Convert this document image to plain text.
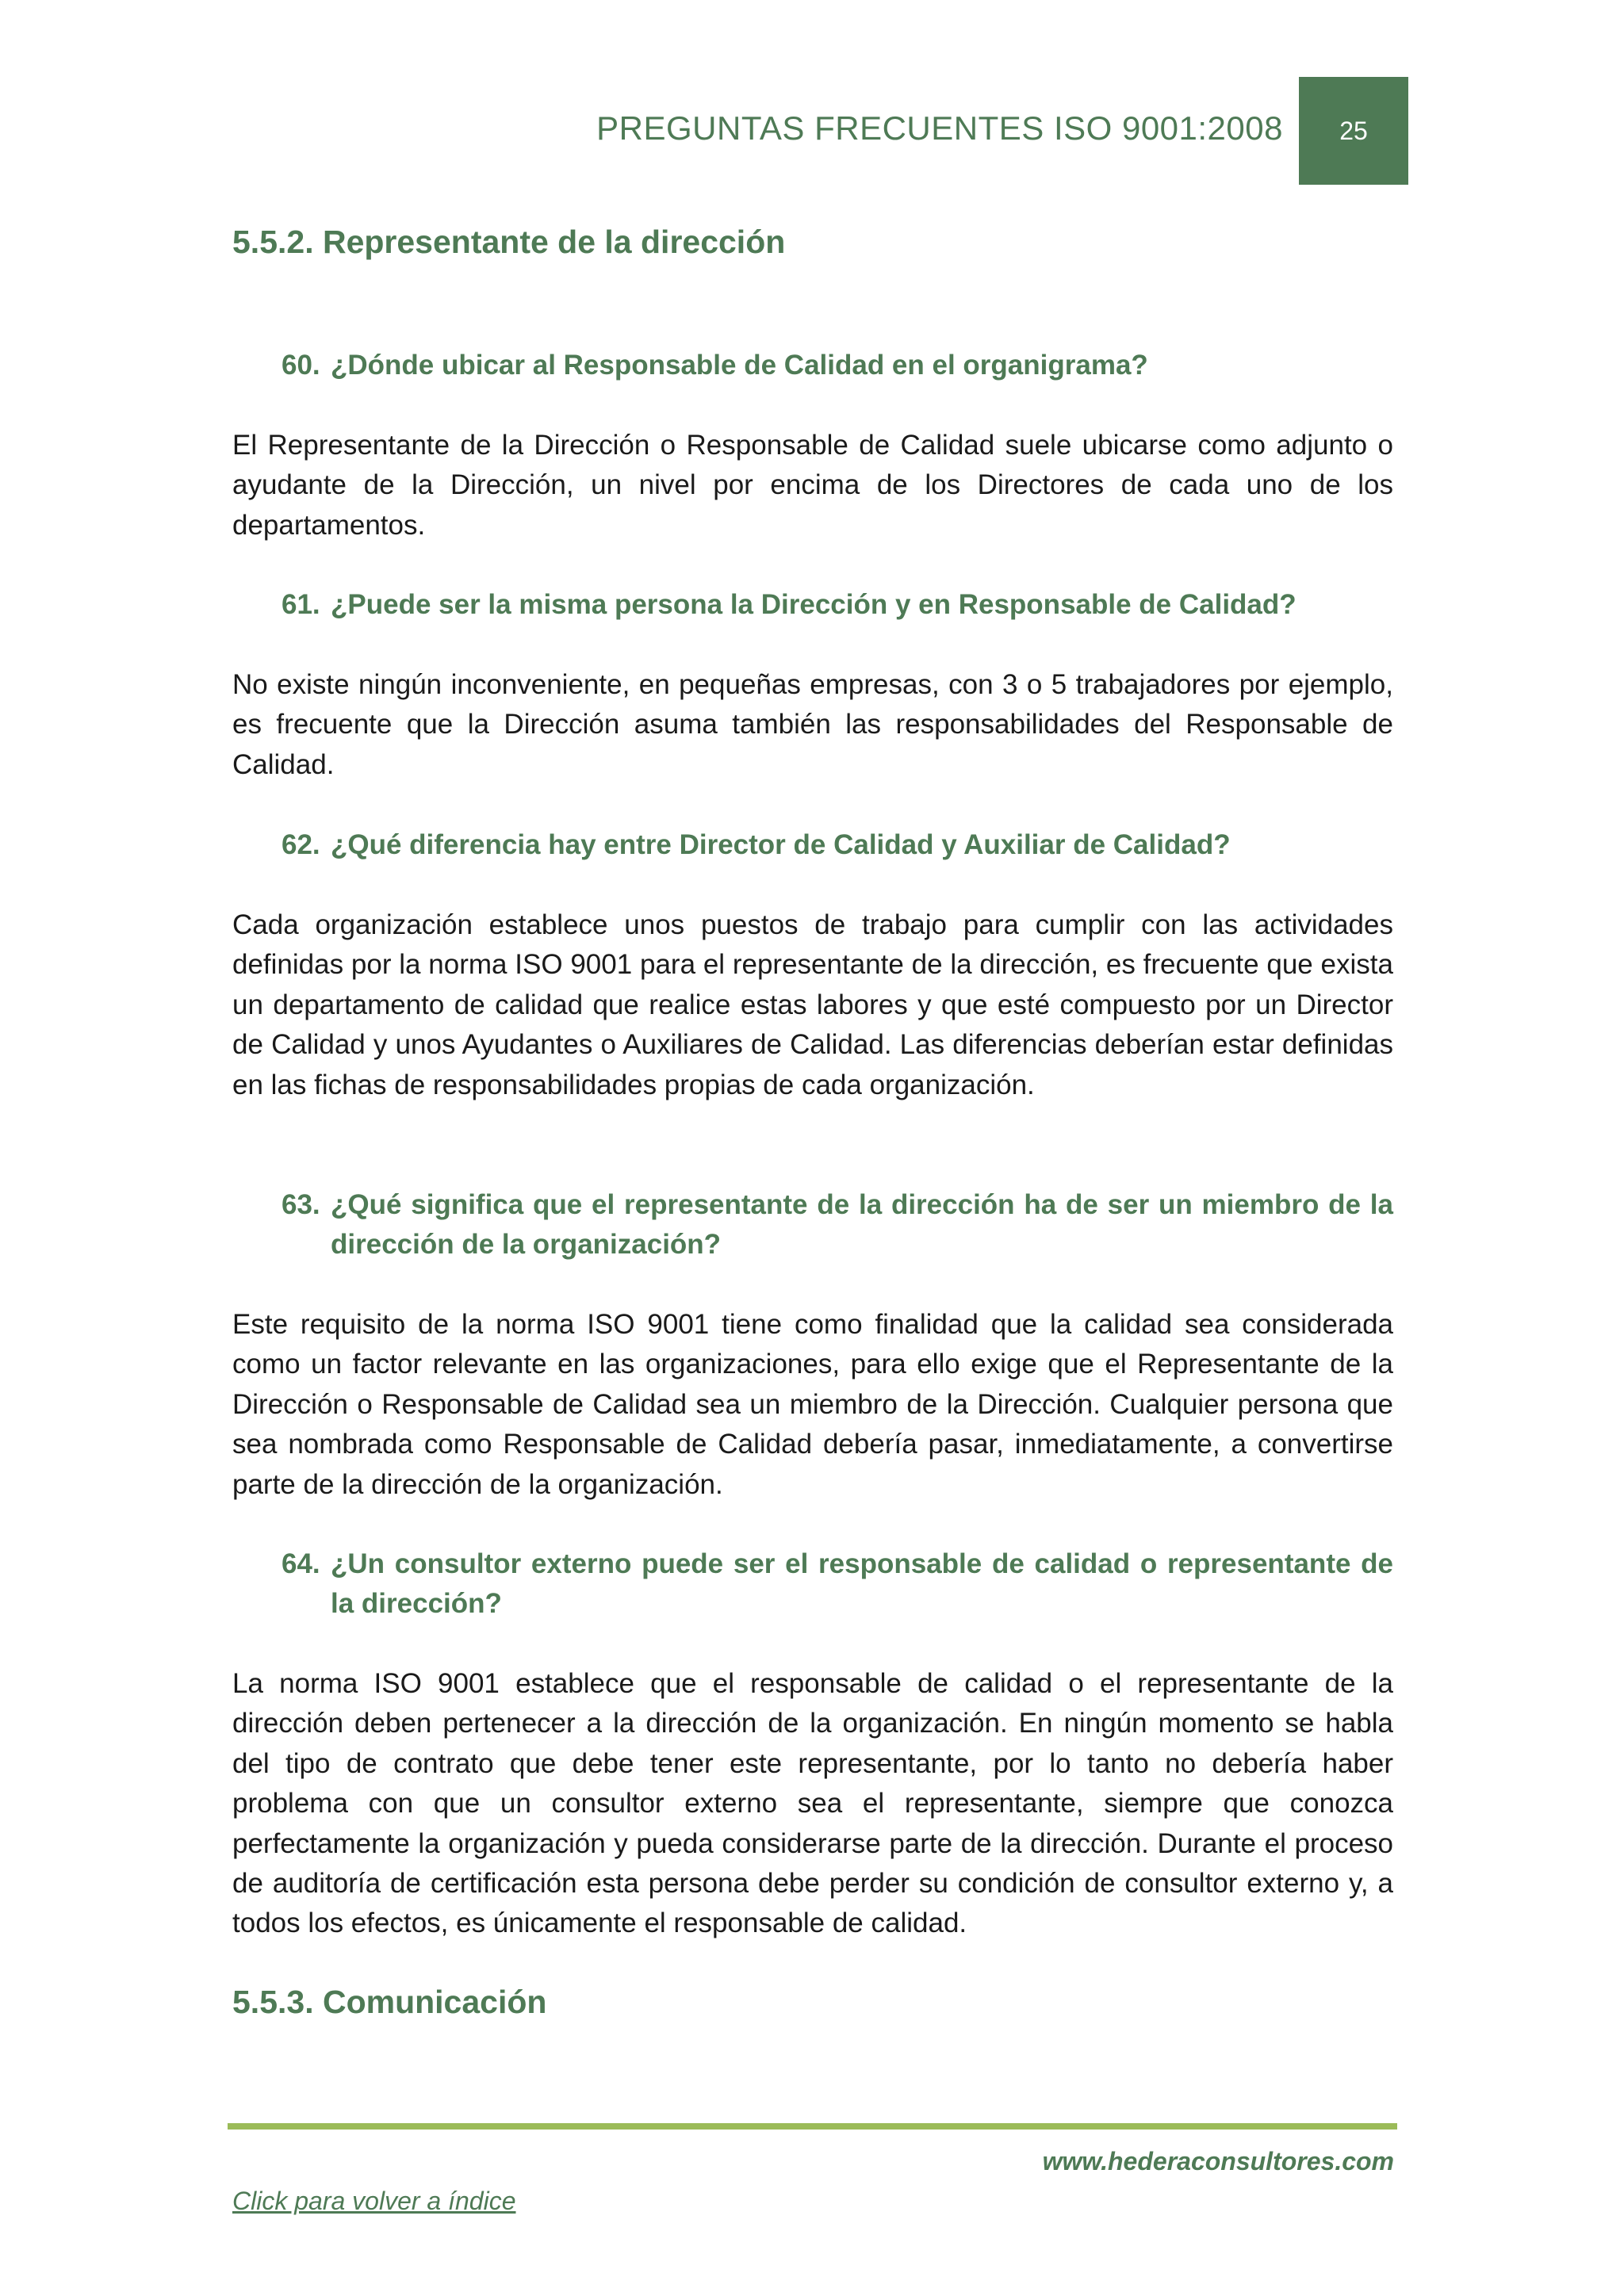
PREGUNTAS FRECUENTES ISO 9001:2008 25
5.5.2. Representante de la dirección
60. ¿Dónde ubicar al Responsable de Calidad en el organigrama?
El Representante de la Dirección o Responsable de Calidad suele ubicarse como adjunto o ayudante de la Dirección, un nivel por encima de los Directores de cada uno de los departamentos.
61. ¿Puede ser la misma persona la Dirección y en Responsable de Calidad?
No existe ningún inconveniente, en pequeñas empresas, con 3 o 5 trabajadores por ejemplo, es frecuente que la Dirección asuma también las responsabilidades del Responsable de Calidad.
62. ¿Qué diferencia hay entre Director de Calidad y Auxiliar de Calidad?
Cada organización establece unos puestos de trabajo para cumplir con las actividades definidas por la norma ISO 9001 para el representante de la dirección, es frecuente que exista un departamento de calidad que realice estas labores y que esté compuesto por un Director de Calidad y unos Ayudantes o Auxiliares de Calidad. Las diferencias deberían estar definidas en las fichas de responsabilidades propias de cada organización.
63. ¿Qué significa que el representante de la dirección ha de ser un miembro de la dirección de la organización?
Este requisito de la norma ISO 9001 tiene como finalidad que la calidad sea considerada como un factor relevante en las organizaciones, para ello exige que el Representante de la Dirección o Responsable de Calidad sea un miembro de la Dirección. Cualquier persona que sea nombrada como Responsable de Calidad debería pasar, inmediatamente, a convertirse parte de la dirección de la organización.
64. ¿Un consultor externo puede ser el responsable de calidad o representante de la dirección?
La norma ISO 9001 establece que el responsable de calidad o el representante de la dirección deben pertenecer a la dirección de la organización. En ningún momento se habla del tipo de contrato que debe tener este representante, por lo tanto no debería haber problema con que un consultor externo sea el representante, siempre que conozca perfectamente la organización y pueda considerarse parte de la dirección. Durante el proceso de auditoría de certificación esta persona debe perder su condición de consultor externo y, a todos los efectos, es únicamente el responsable de calidad.
5.5.3. Comunicación
www.hederaconsultores.com
Click para volver a índice
